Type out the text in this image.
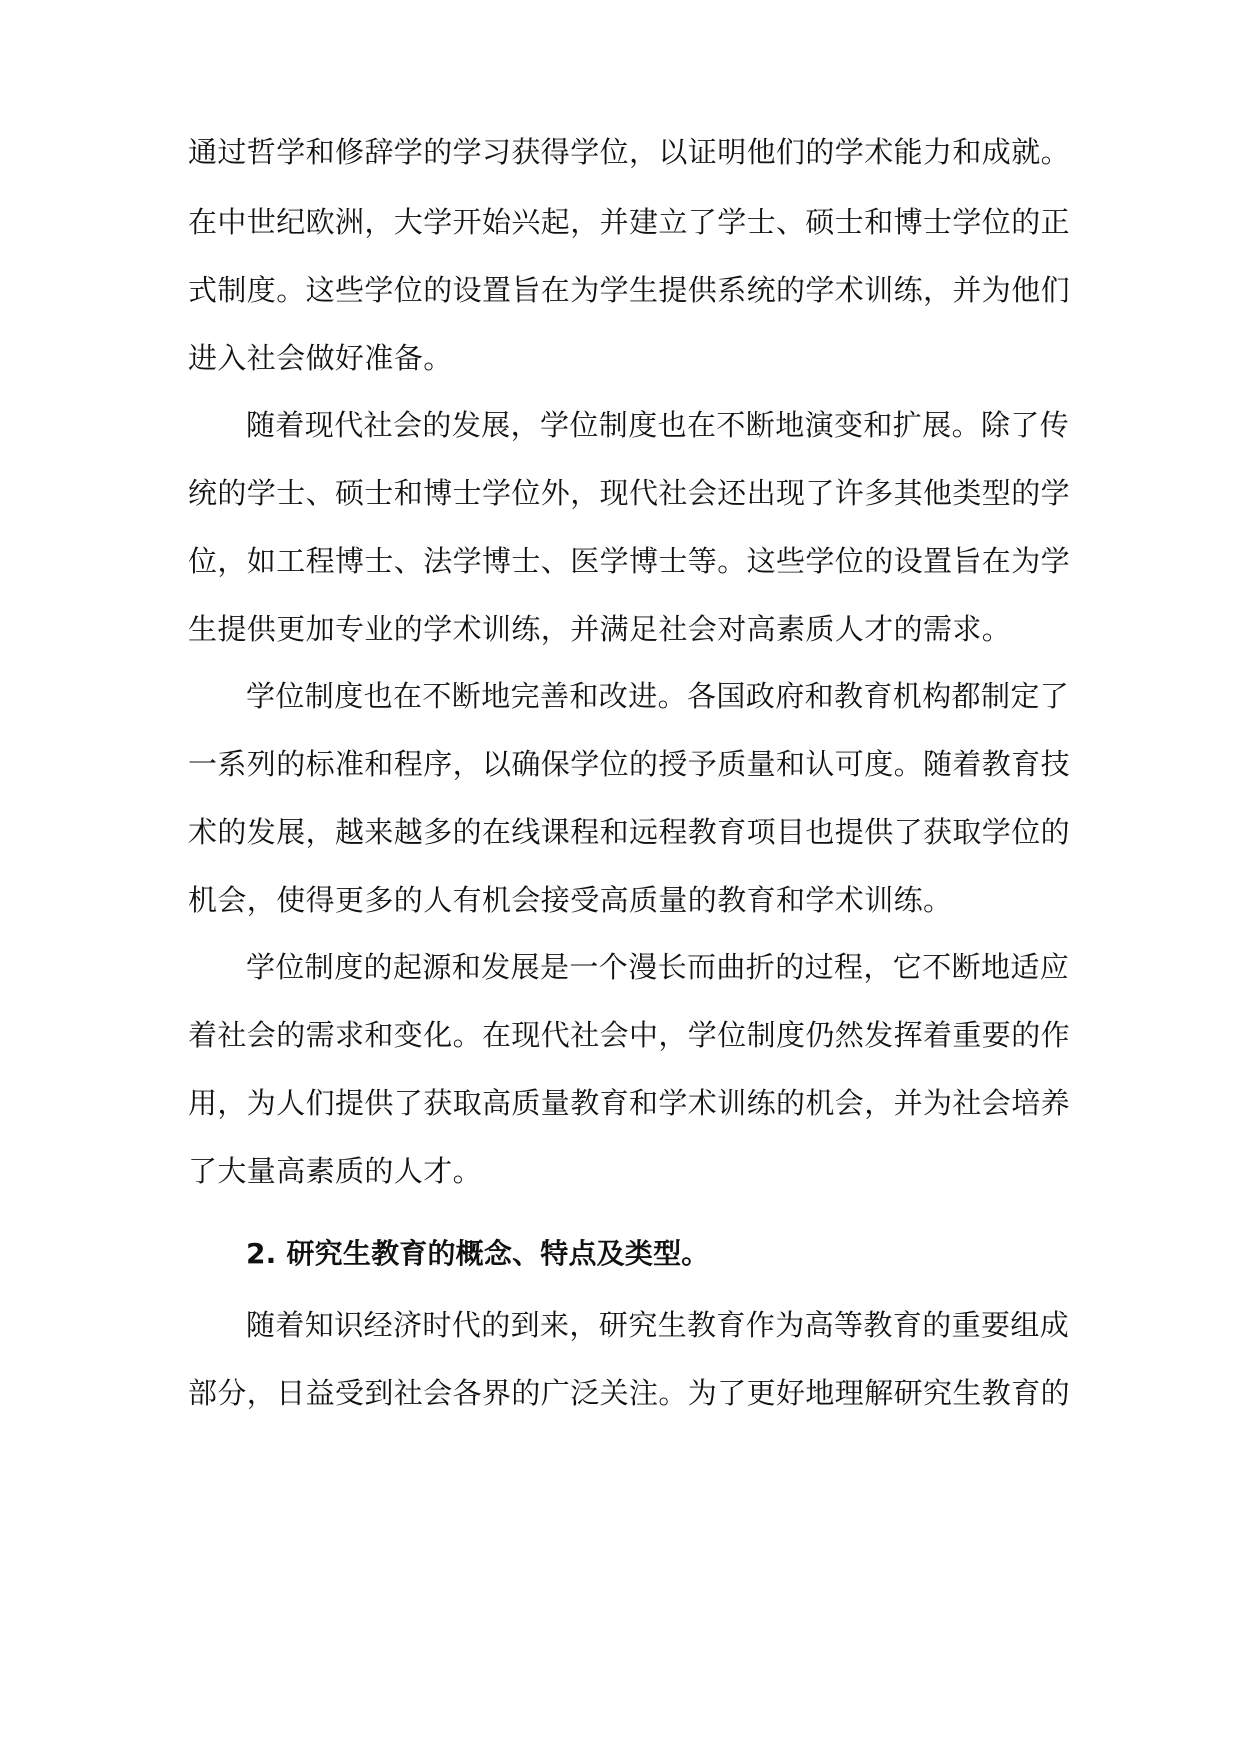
通过哲学和修辞学的学习获得学位，以证明他们的学术能力和成就。
在中世纪欧洲，大学开始兴起，并建立了学士、硕士和博士学位的正
式制度。这些学位的设置旨在为学生提供系统的学术训练，并为他们
进入社会做好准备。
随着现代社会的发展，学位制度也在不断地演变和扩展。除了传
统的学士、硕士和博士学位外，现代社会还出现了许多其他类型的学
位，如工程博士、法学博士、医学博士等。这些学位的设置旨在为学
生提供更加专业的学术训练，并满足社会对高素质人才的需求。
学位制度也在不断地完善和改进。各国政府和教育机构都制定了
一系列的标准和程序，以确保学位的授予质量和认可度。随着教育技
术的发展，越来越多的在线课程和远程教育项目也提供了获取学位的
机会，使得更多的人有机会接受高质量的教育和学术训练。
学位制度的起源和发展是一个漫长而曲折的过程，它不断地适应
着社会的需求和变化。在现代社会中，学位制度仍然发挥着重要的作
用，为人们提供了获取高质量教育和学术训练的机会，并为社会培养
了大量高素质的人才。
2. 研究生教育的概念、特点及类型。
随着知识经济时代的到来，研究生教育作为高等教育的重要组成
部分，日益受到社会各界的广泛关注。为了更好地理解研究生教育的
